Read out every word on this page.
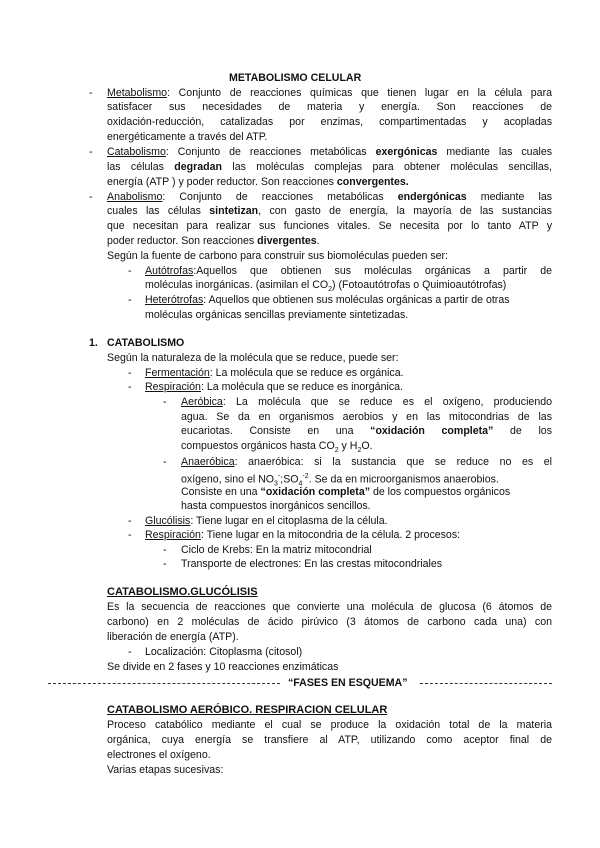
METABOLISMO CELULAR
- Metabolismo: Conjunto de reacciones químicas que tienen lugar en la célula para
satisfacer sus necesidades de materia y energía. Son reacciones de
oxidación-reducción, catalizadas por enzimas, compartimentadas y acopladas
energéticamente a través del ATP.
- Catabolismo: Conjunto de reacciones metabólicas exergónicas mediante las cuales
las células degradan las moléculas complejas para obtener moléculas sencillas,
energía (ATP ) y poder reductor. Son reacciones convergentes.
- Anabolismo: Conjunto de reacciones metabólicas endergónicas mediante las
cuales las células sintetizan, con gasto de energía, la mayoría de las sustancias
que necesitan para realizar sus funciones vitales. Se necesita por lo tanto ATP y
poder reductor. Son reacciones divergentes.
Según la fuente de carbono para construir sus biomoléculas pueden ser:
- Autótrofas:Aquellos que obtienen sus moléculas orgánicas a partir de
moléculas inorgánicas. (asimilan el $CO_2$) (Fotoautótrofas o Quimioautótrofas)
- Heterótrofas: Aquellos que obtienen sus moléculas orgánicas a partir de otras
moléculas orgánicas sencillas previamente sintetizadas.
1. CATABOLISMO
Según la naturaleza de la molécula que se reduce, puede ser:
- Fermentación: La molécula que se reduce es orgánica.
- Respiración: La molécula que se reduce es inorgánica.
- Aeróbica: La molécula que se reduce es el oxígeno, produciendo
agua. Se da en organismos aerobios y en las mitocondrias de las
eucariotas. Consiste en una “oxidación completa” de los
compuestos orgánicos hasta $CO_2$ y $H_2O$.
- Anaeróbica: anaeróbica: si la sustancia que se reduce no es el
oxígeno, sino el $NO_3^-;SO_4^{-2}$. Se da en microorganismos anaerobios.
Consiste en una “oxidación completa” de los compuestos orgánicos
hasta compuestos inorgánicos sencillos.
- Glucólisis: Tiene lugar en el citoplasma de la célula.
- Respiración: Tiene lugar en la mitocondria de la célula. 2 procesos:
- Ciclo de Krebs: En la matriz mitocondrial
- Transporte de electrones: En las crestas mitocondriales
CATABOLISMO.GLUCÓLISIS
Es la secuencia de reacciones que convierte una molécula de glucosa (6 átomos de
carbono) en 2 moléculas de ácido pirúvico (3 átomos de carbono cada una) con
liberación de energía (ATP).
- Localización: Citoplasma (citosol)
Se divide en 2 fases y 10 reacciones enzimáticas
“FASES EN ESQUEMA”
CATABOLISMO AERÓBICO. RESPIRACION CELULAR
Proceso catabólico mediante el cual se produce la oxidación total de la materia
orgánica, cuya energía se transfiere al ATP, utilizando como aceptor final de
electrones el oxígeno.
Varias etapas sucesivas:
